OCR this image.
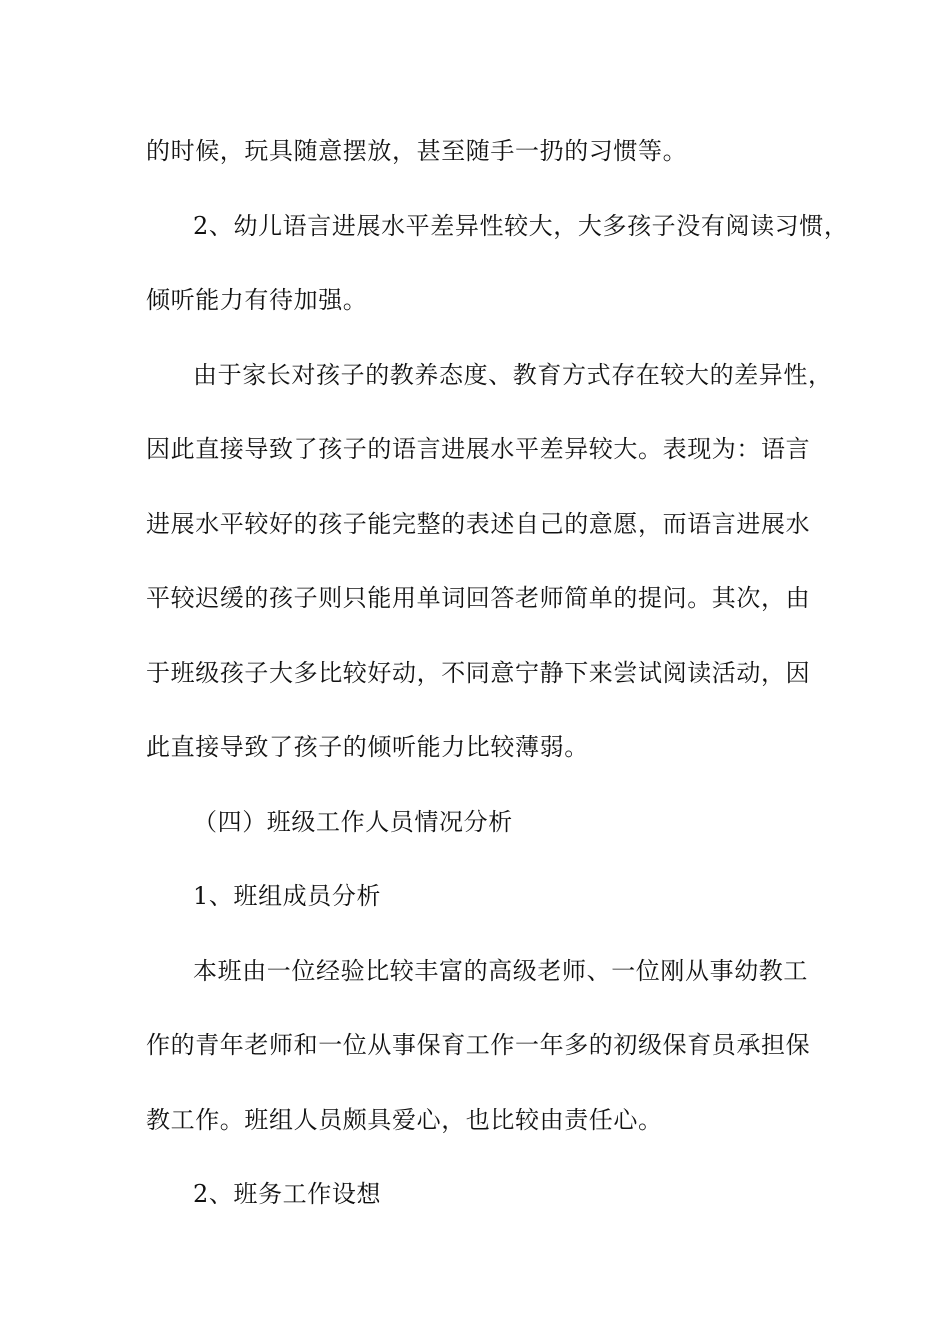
的时候，玩具随意摆放，甚至随手一扔的习惯等。
2、幼儿语言进展水平差异性较大，大多孩子没有阅读习惯，
倾听能力有待加强。
由于家长对孩子的教养态度、教育方式存在较大的差异性，
因此直接导致了孩子的语言进展水平差异较大。表现为：语言
进展水平较好的孩子能完整的表述自己的意愿，而语言进展水
平较迟缓的孩子则只能用单词回答老师简单的提问。其次，由
于班级孩子大多比较好动，不同意宁静下来尝试阅读活动，因
此直接导致了孩子的倾听能力比较薄弱。
（四）班级工作人员情况分析
1、班组成员分析
本班由一位经验比较丰富的高级老师、一位刚从事幼教工
作的青年老师和一位从事保育工作一年多的初级保育员承担保
教工作。班组人员颇具爱心，也比较由责任心。
2、班务工作设想
